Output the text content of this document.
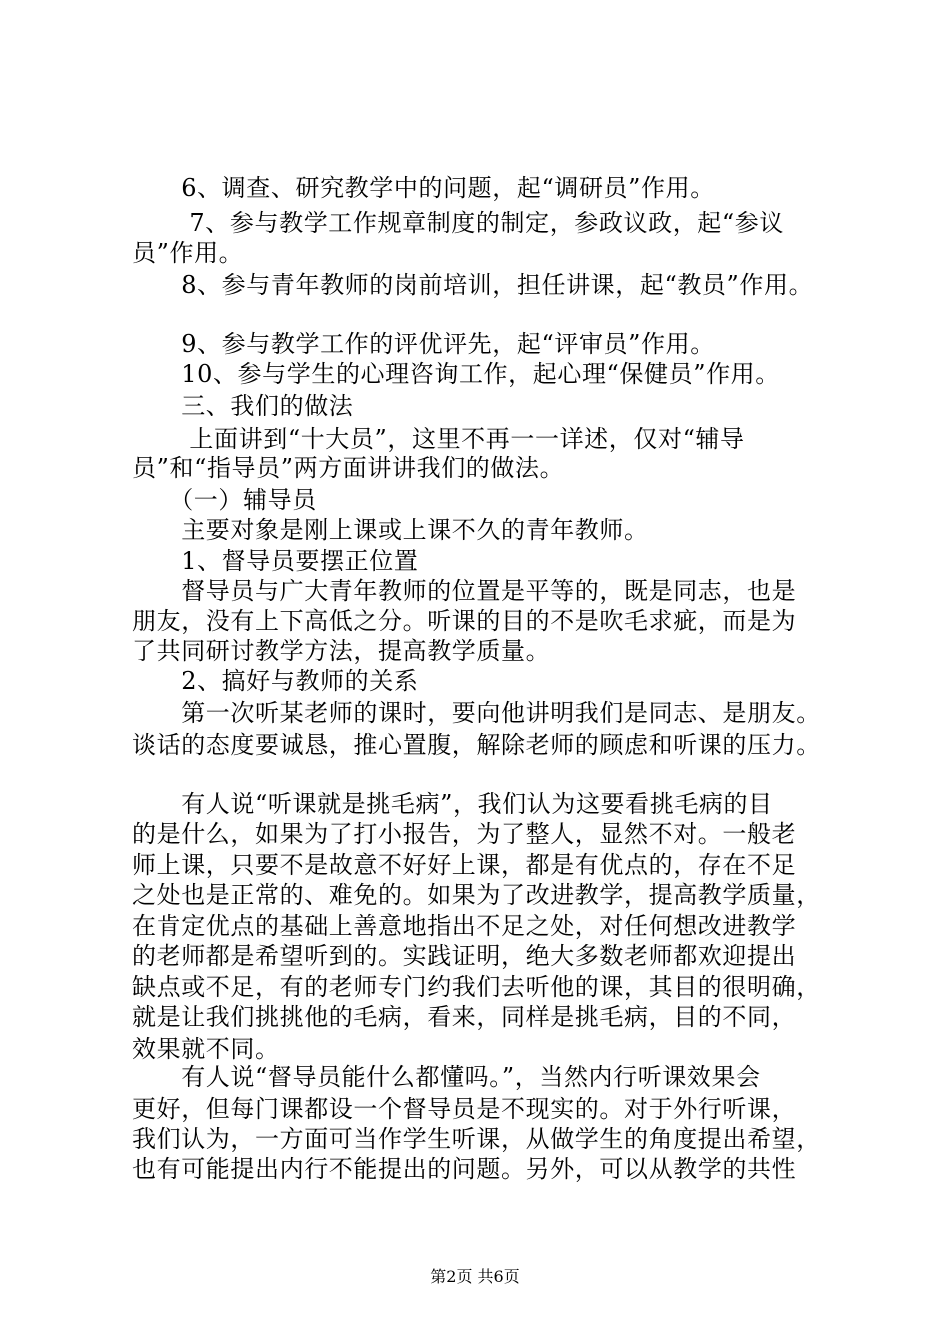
　　6、调查、研究教学中的问题，起“调研员”作用。
　　 7、参与教学工作规章制度的制定，参政议政，起“参议
员”作用。
　　8、参与青年教师的岗前培训，担任讲课，起“教员”作用。
　　9、参与教学工作的评优评先，起“评审员”作用。
　　10、参与学生的心理咨询工作，起心理“保健员”作用。
　　三、我们的做法
　　 上面讲到“十大员”，这里不再一一详述，仅对“辅导
员”和“指导员”两方面讲讲我们的做法。
　　（一）辅导员
　　主要对象是刚上课或上课不久的青年教师。
　　1、督导员要摆正位置
　　督导员与广大青年教师的位置是平等的，既是同志，也是
朋友，没有上下高低之分。听课的目的不是吹毛求疵，而是为
了共同研讨教学方法，提高教学质量。
　　2、搞好与教师的关系
　　第一次听某老师的课时，要向他讲明我们是同志、是朋友。
谈话的态度要诚恳，推心置腹，解除老师的顾虑和听课的压力。
　　有人说“听课就是挑毛病”，我们认为这要看挑毛病的目
的是什么，如果为了打小报告，为了整人，显然不对。一般老
师上课，只要不是故意不好好上课，都是有优点的，存在不足
之处也是正常的、难免的。如果为了改进教学，提高教学质量，
在肯定优点的基础上善意地指出不足之处，对任何想改进教学
的老师都是希望听到的。实践证明，绝大多数老师都欢迎提出
缺点或不足，有的老师专门约我们去听他的课，其目的很明确，
就是让我们挑挑他的毛病，看来，同样是挑毛病，目的不同，
效果就不同。
　　有人说“督导员能什么都懂吗。”，当然内行听课效果会
更好，但每门课都设一个督导员是不现实的。对于外行听课，
我们认为，一方面可当作学生听课，从做学生的角度提出希望，
也有可能提出内行不能提出的问题。另外，可以从教学的共性
第2页 共6页
